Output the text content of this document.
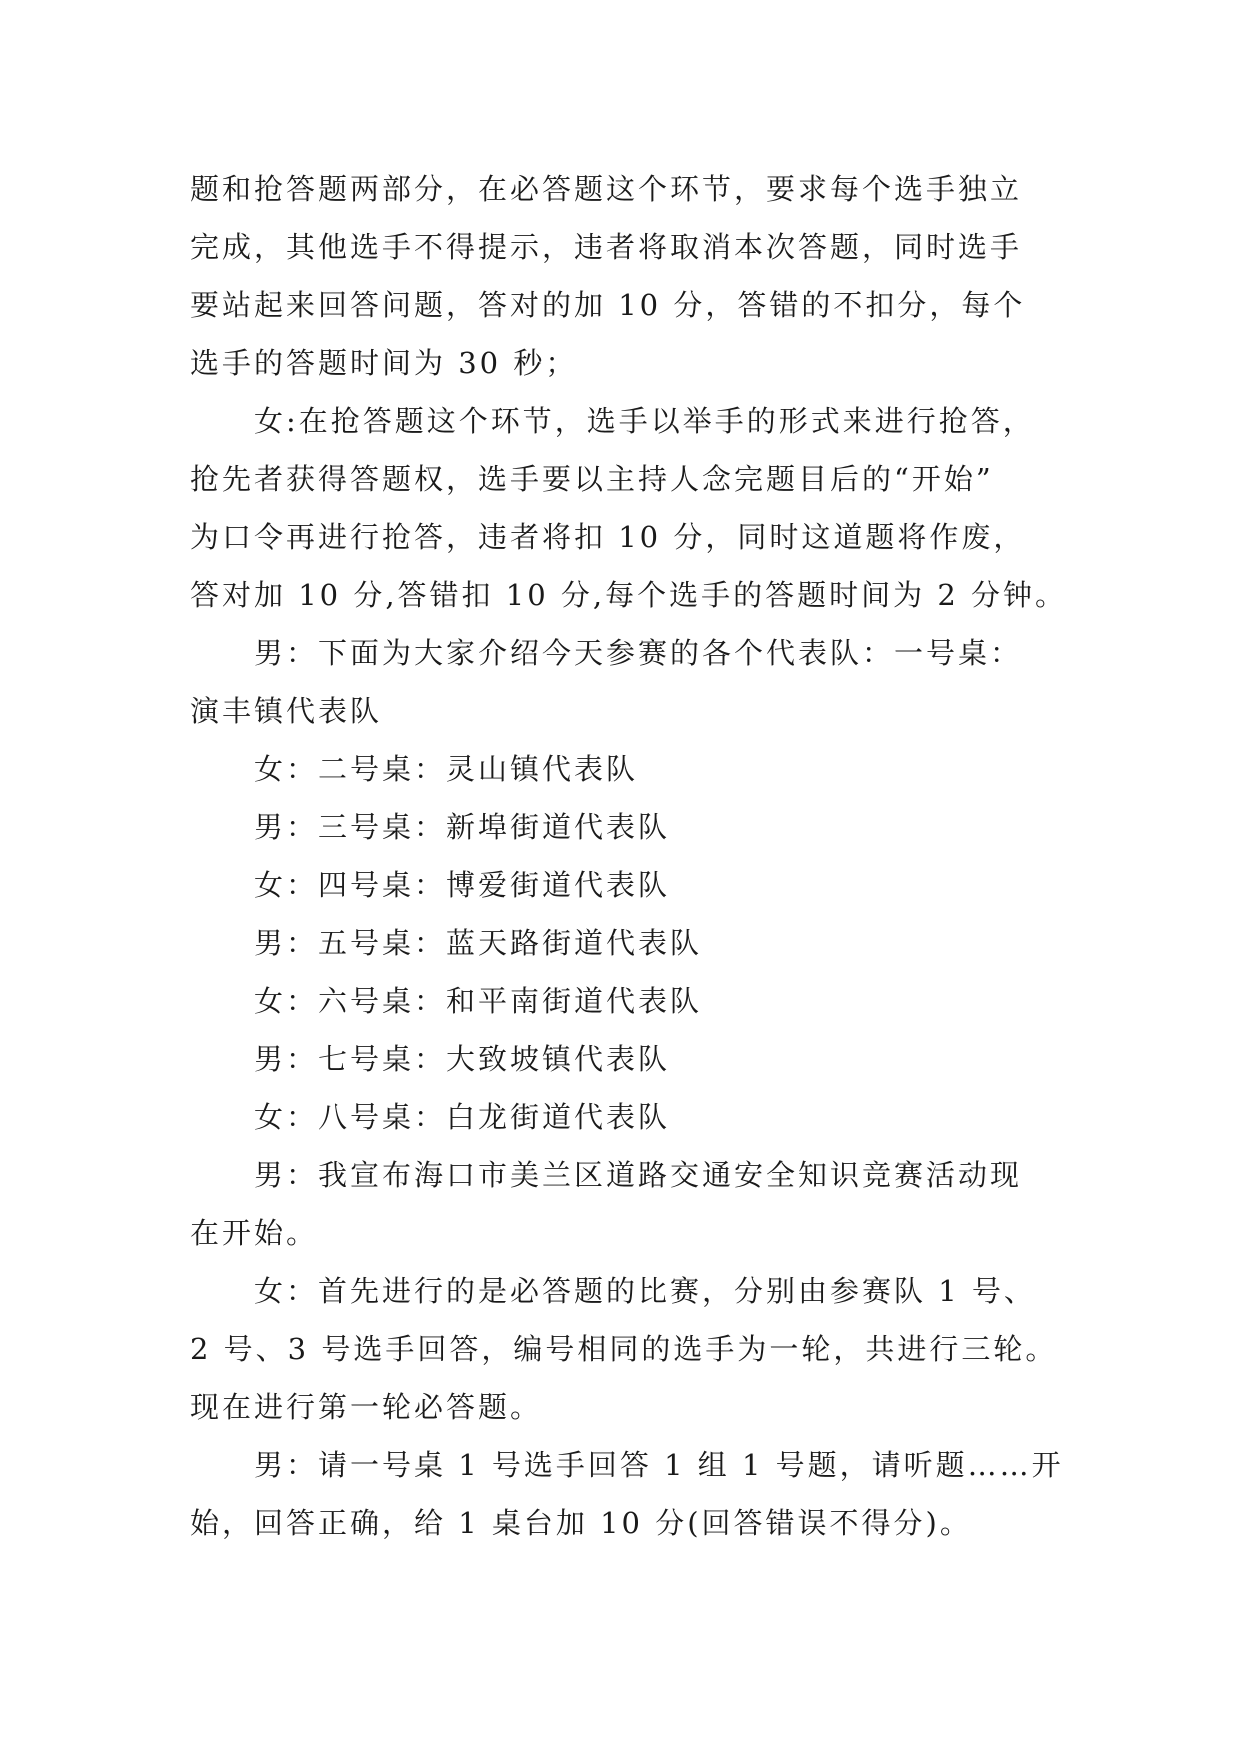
题和抢答题两部分，在必答题这个环节，要求每个选手独立
完成，其他选手不得提示，违者将取消本次答题，同时选手
要站起来回答问题，答对的加 10 分，答错的不扣分，每个
选手的答题时间为 30 秒；
女:在抢答题这个环节，选手以举手的形式来进行抢答，
抢先者获得答题权，选手要以主持人念完题目后的“开始”
为口令再进行抢答，违者将扣 10 分，同时这道题将作废，
答对加 10 分,答错扣 10 分,每个选手的答题时间为 2 分钟。
男：下面为大家介绍今天参赛的各个代表队：一号桌：
演丰镇代表队
女：二号桌：灵山镇代表队
男：三号桌：新埠街道代表队
女：四号桌：博爱街道代表队
男：五号桌：蓝天路街道代表队
女：六号桌：和平南街道代表队
男：七号桌：大致坡镇代表队
女：八号桌：白龙街道代表队
男：我宣布海口市美兰区道路交通安全知识竞赛活动现
在开始。
女：首先进行的是必答题的比赛，分别由参赛队 1 号、
2 号、3 号选手回答，编号相同的选手为一轮，共进行三轮。
现在进行第一轮必答题。
男：请一号桌 1 号选手回答 1 组 1 号题，请听题……开
始，回答正确，给 1 桌台加 10 分(回答错误不得分)。
